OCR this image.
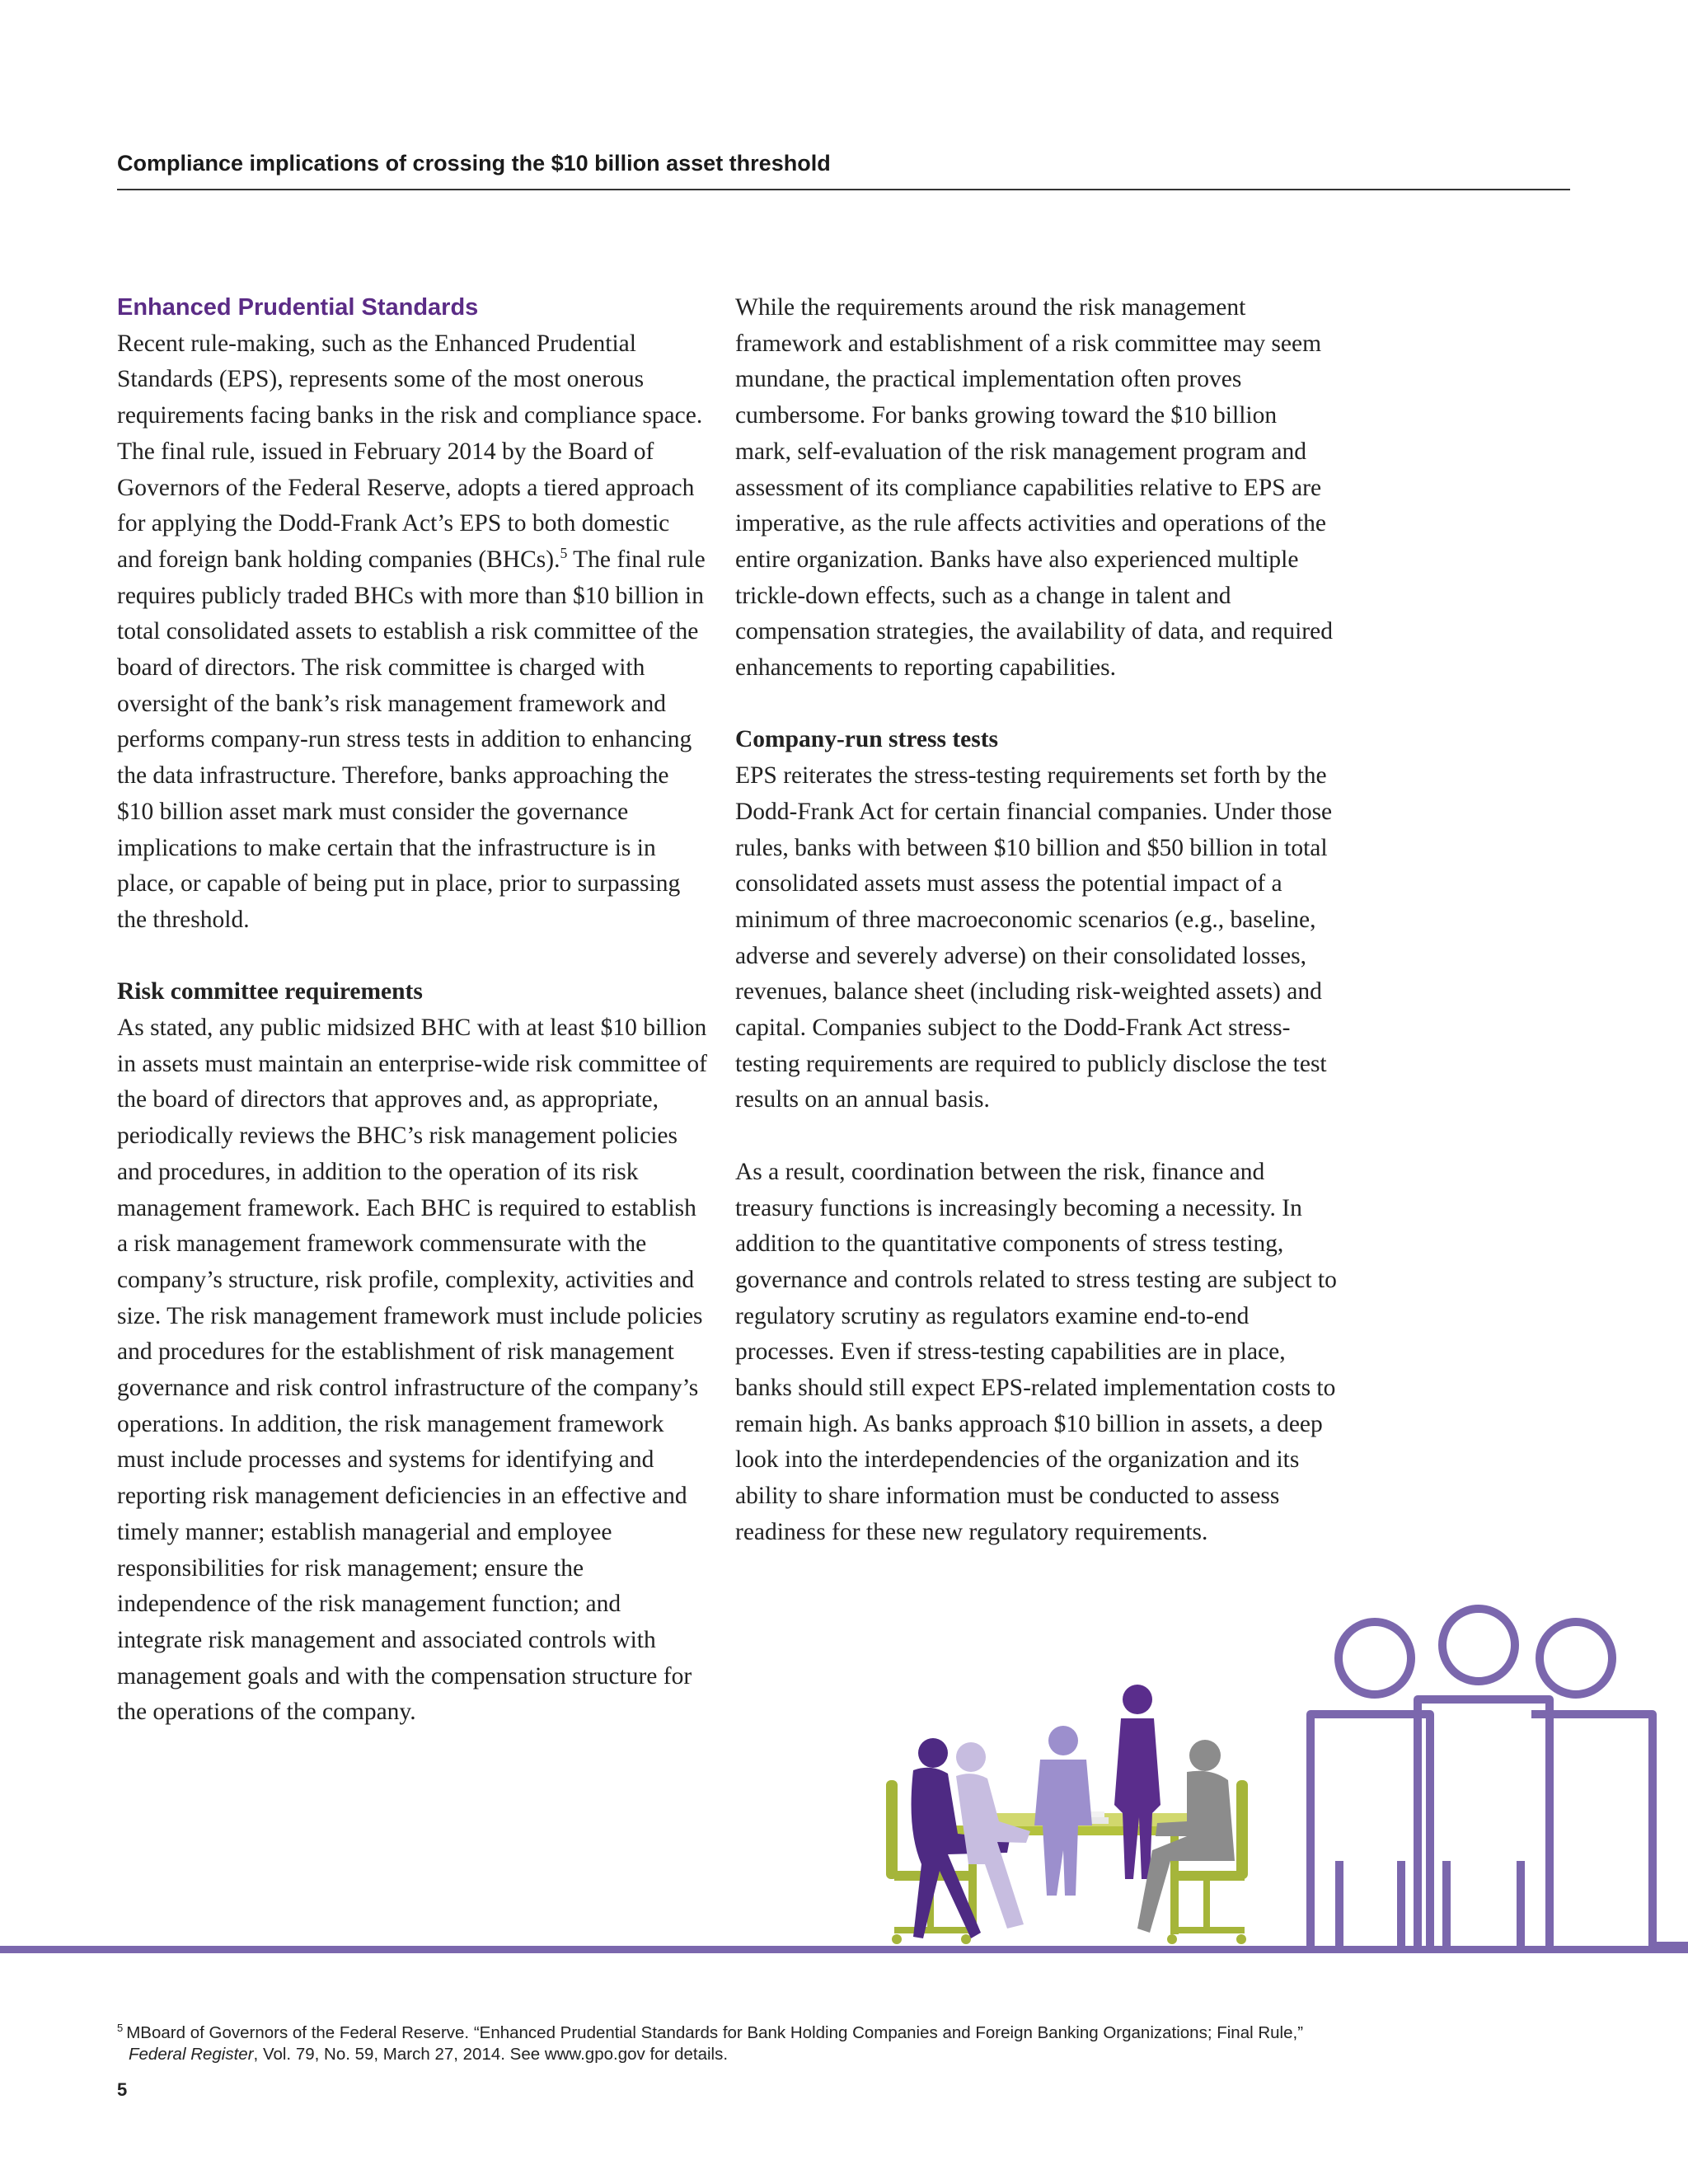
Compliance implications of crossing the $10 billion asset threshold

Enhanced Prudential Standards

Recent rule-making, such as the Enhanced Prudential Standards (EPS), represents some of the most onerous requirements facing banks in the risk and compliance space. The final rule, issued in February 2014 by the Board of Governors of the Federal Reserve, adopts a tiered approach for applying the Dodd-Frank Act’s EPS to both domestic and foreign bank holding companies (BHCs).$^5$ The final rule requires publicly traded BHCs with more than $10 billion in total consolidated assets to establish a risk committee of the board of directors. The risk committee is charged with oversight of the bank’s risk management framework and performs company-run stress tests in addition to enhancing the data infrastructure. Therefore, banks approaching the $10 billion asset mark must consider the governance implications to make certain that the infrastructure is in place, or capable of being put in place, prior to surpassing the threshold.

Risk committee requirements

As stated, any public midsized BHC with at least $10 billion in assets must maintain an enterprise-wide risk committee of the board of directors that approves and, as appropriate, periodically reviews the BHC’s risk management policies and procedures, in addition to the operation of its risk management framework. Each BHC is required to establish a risk management framework commensurate with the company’s structure, risk profile, complexity, activities and size. The risk management framework must include policies and procedures for the establishment of risk management governance and risk control infrastructure of the company’s operations. In addition, the risk management framework must include processes and systems for identifying and reporting risk management deficiencies in an effective and timely manner; establish managerial and employee responsibilities for risk management; ensure the independence of the risk management function; and integrate risk management and associated controls with management goals and with the compensation structure for the operations of the company.

While the requirements around the risk management framework and establishment of a risk committee may seem mundane, the practical implementation often proves cumbersome. For banks growing toward the $10 billion mark, self-evaluation of the risk management program and assessment of its compliance capabilities relative to EPS are imperative, as the rule affects activities and operations of the entire organization. Banks have also experienced multiple trickle-down effects, such as a change in talent and compensation strategies, the availability of data, and required enhancements to reporting capabilities.

Company-run stress tests

EPS reiterates the stress-testing requirements set forth by the Dodd-Frank Act for certain financial companies. Under those rules, banks with between $10 billion and $50 billion in total consolidated assets must assess the potential impact of a minimum of three macroeconomic scenarios (e.g., baseline, adverse and severely adverse) on their consolidated losses, revenues, balance sheet (including risk-weighted assets) and capital. Companies subject to the Dodd-Frank Act stress-testing requirements are required to publicly disclose the test results on an annual basis.

As a result, coordination between the risk, finance and treasury functions is increasingly becoming a necessity. In addition to the quantitative components of stress testing, governance and controls related to stress testing are subject to regulatory scrutiny as regulators examine end-to-end processes. Even if stress-testing capabilities are in place, banks should still expect EPS-related implementation costs to remain high. As banks approach $10 billion in assets, a deep look into the interdependencies of the organization and its ability to share information must be conducted to assess readiness for these new regulatory requirements.

$^5$ MBoard of Governors of the Federal Reserve. “Enhanced Prudential Standards for Bank Holding Companies and Foreign Banking Organizations; Final Rule,”
Federal Register, Vol. 79, No. 59, March 27, 2014. See www.gpo.gov for details.
5
